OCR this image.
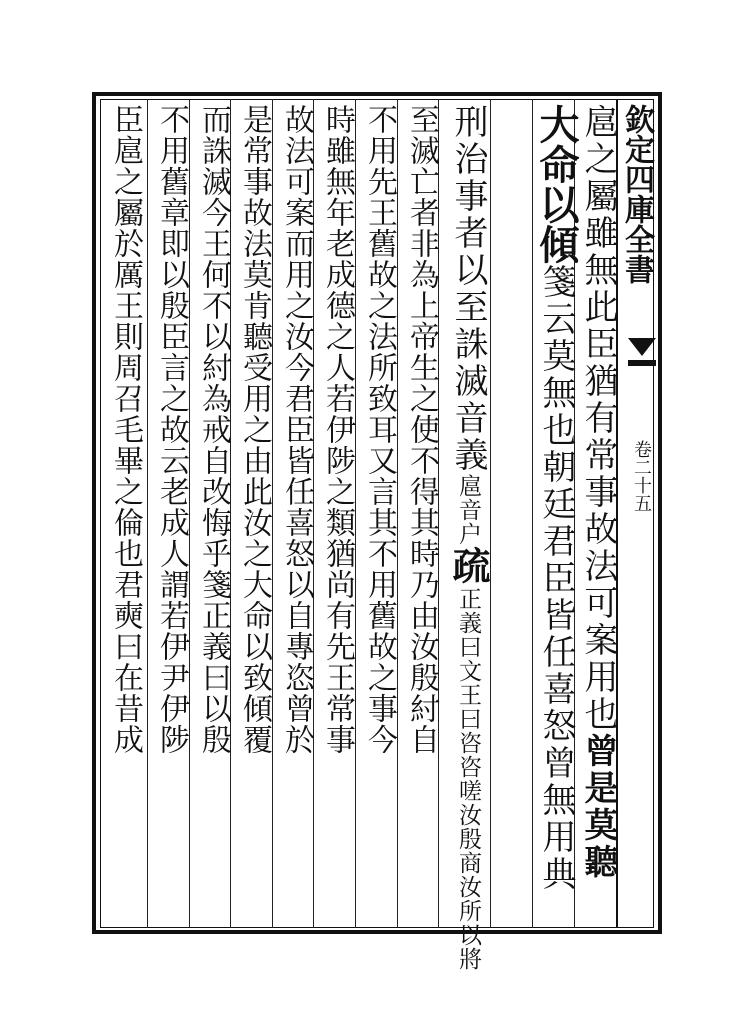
欽定四庫全書
卷二十五
扈之屬雖無此臣猶有常事故法可案用也曾是莫聽
大命以傾箋云莫無也朝廷君臣皆任喜怒曾無用典
刑治事者以至誅滅音義扈音户疏正義曰文王曰咨咨嗟汝殷商汝所以將
至滅亡者非為上帝生之使不得其時乃由汝殷紂自
不用先王舊故之法所致耳又言其不用舊故之事今
時雖無年老成德之人若伊陟之類猶尚有先王常事
故法可案而用之汝今君臣皆任喜怒以自專恣曾於
是常事故法莫肯聽受用之由此汝之大命以致傾覆
而誅滅今王何不以紂為戒自改悔乎箋正義曰以殷
不用舊章即以殷臣言之故云老成人謂若伊尹伊陟
臣扈之屬於厲王則周召毛畢之倫也君奭曰在昔成
